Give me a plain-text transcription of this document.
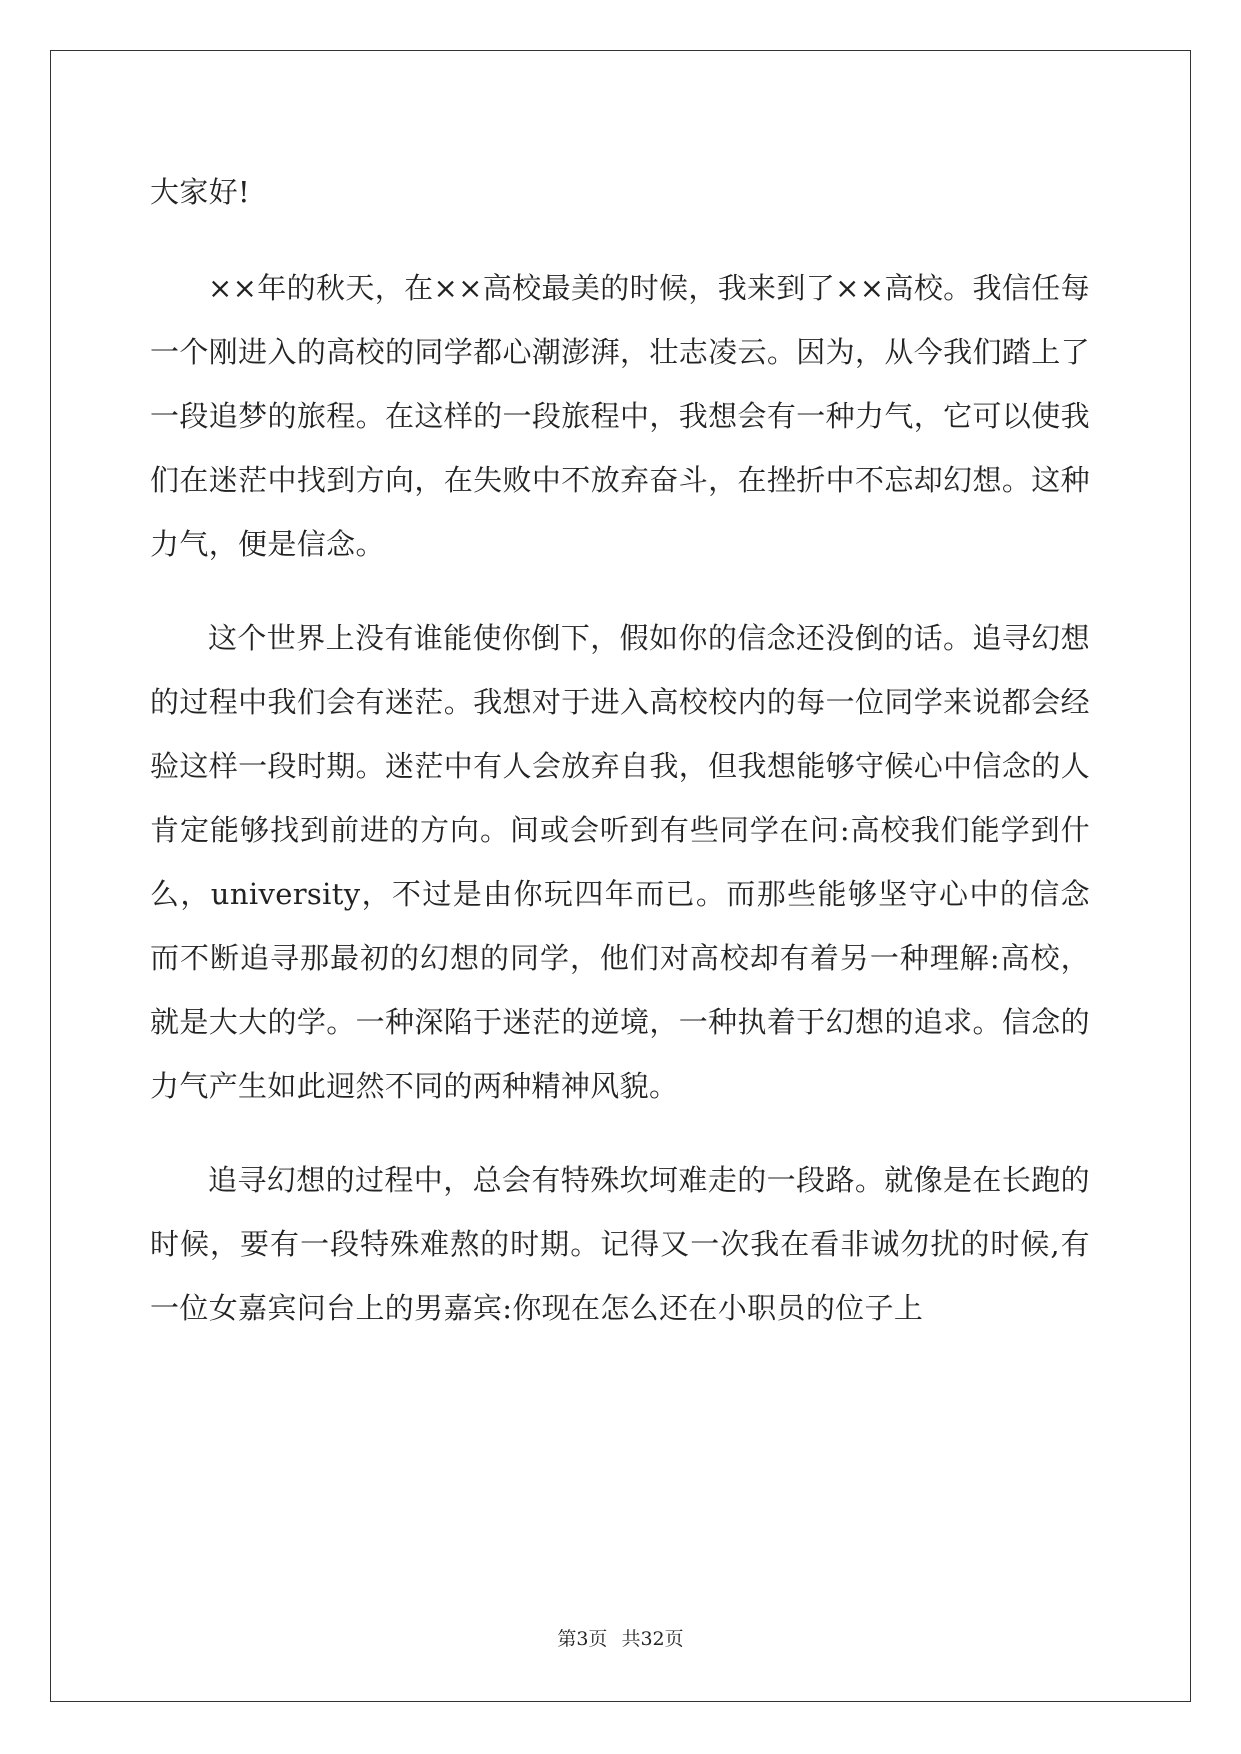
大家好!

××年的秋天，在××高校最美的时候，我来到了××高校。我信任每一个刚进入的高校的同学都心潮澎湃，壮志凌云。因为，从今我们踏上了一段追梦的旅程。在这样的一段旅程中，我想会有一种力气，它可以使我们在迷茫中找到方向，在失败中不放弃奋斗，在挫折中不忘却幻想。这种力气，便是信念。

这个世界上没有谁能使你倒下，假如你的信念还没倒的话。追寻幻想的过程中我们会有迷茫。我想对于进入高校校内的每一位同学来说都会经验这样一段时期。迷茫中有人会放弃自我，但我想能够守候心中信念的人肯定能够找到前进的方向。间或会听到有些同学在问:高校我们能学到什么，university，不过是由你玩四年而已。而那些能够坚守心中的信念而不断追寻那最初的幻想的同学，他们对高校却有着另一种理解:高校，就是大大的学。一种深陷于迷茫的逆境，一种执着于幻想的追求。信念的力气产生如此迥然不同的两种精神风貌。

追寻幻想的过程中，总会有特殊坎坷难走的一段路。就像是在长跑的时候，要有一段特殊难熬的时期。记得又一次我在看非诚勿扰的时候,有一位女嘉宾问台上的男嘉宾:你现在怎么还在小职员的位子上

第3页 共32页
